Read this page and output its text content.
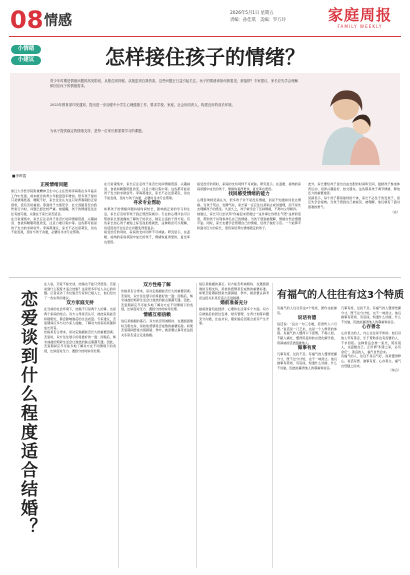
08 情感	2026年5月1日 星期五
责编：孙佳琪　美编：罗万玲	家庭周报
FAMILY WEEKLY
小情绪
小建议	怎样接住孩子的情绪？

青少年时期是情绪问题的高发阶段，从焦虑到抑郁，从叛逆到自我伤害，这些问题正日益引起关注。孩子的情绪该如何被看见、被接纳？专家建议，家长应先学会理解和回应孩子的情绪需求。

2025年教育部印发通知，提出进一步加强中小学生心理健康工作，要求学校、家庭、社会协同育人，构建良好的成长环境。

为孩子提供稳定的情绪支持，是每一位家长都需要学习的课题。

■李晔霞
正视情绪问题

浙江大学医学院附属精神卫生中心主任医师李海燕在多年临床工作中发现，前来就诊的青少年数量逐年增加。很多孩子最初只是情绪低落、睡眠不好，家长往往认为这只是青春期的正常现象，没有及时重视。等到孩子出现厌学、社交退缩甚至自我伤害行为时，问题已经比较严重。她提醒，孩子的情绪变化往往有迹可循，关键在于家长是否留意。

在日常观察中，家长应注意孩子是否长时间情绪低落、兴趣减退、食欲和睡眠明显改变、注意力难以集中等。这些都可能是孩子发出的求助信号。李海燕建议，家长不必过度紧张，但也不能忽视，及时与孩子沟通，必要时寻求专业帮助。

在日常观察中，家长应注意孩子是否长时间情绪低落、兴趣减退、食欲和睡眠明显改变、注意力难以集中等。这些都可能是孩子发出的求助信号。李海燕建议，家长不必过度紧张，但也不能忽视，及时与孩子沟通，必要时寻求专业帮助。

寻求专业帮助

如果孩子的情绪问题持续时间较长，影响到正常的学习和生活，家长应及时带孩子到正规医院就诊。专业的心理评估可以帮助家长更准确地了解孩子的状态，制定合适的干预方案。有些家长担心孩子被贴上标签而拒绝就医，这种顾虑可以理解，但延误治疗往往会让问题变得更复杂。

接受治疗的同时，家庭的支持同样不可或缺。研究显示，在温暖、接纳的家庭氛围中成长的孩子，情绪恢复得更快，复发率也更低。

接受治疗的同时，家庭的支持同样不可或缺。研究显示，在温暖、接纳的家庭氛围中成长的孩子，情绪恢复得更快，复发率也更低。

找回感受情绪的能力

心理咨询师吴颖认为，很多孩子并不是没有情绪，而是不知道如何表达情绪。当孩子哭泣、发脾气时，家长第一反应往往是制止或讲道理，而不是先去理解孩子的感受。久而久之，孩子就学会了压抑情绪，不再向父母倾诉。

她建议，家长可以尝试用“你看起来很难过”“这件事让你很生气吧”这样的话语，帮助孩子识别和命名自己的情绪。当孩子感到被理解，情绪自然会慢慢平复。同时，家长也要学会管理自己的情绪，给孩子做好示范。一个能够平和面对压力的家长，更容易培养出情绪稳定的孩子。

此外，家长要给孩子留出自由支配的时间和空间，鼓励孩子参加体育运动、培养兴趣爱好、结交朋友。这些都是孩子调节情绪、释放压力的重要途径。

吴颖表示，每个孩子都是独特的个体，家长不必急于改变孩子，而应先学会接纳。当孩子感到自己被看见、被理解，他们就有了面对困难的勇气。

（完）

恋爱谈到什么程度适合结婚？

在人说，恋爱不能光谈，结婚也不能只凭感觉。恋爱谈到什么程度才适合结婚？这是很多年轻人关心的问题。记者采访了多位婚恋专家和已婚人士，他们给出了一些实用的建议。

双方家庭支持

在当前的社会环境下，结婚不只是两个人的事，也是两个家庭的结合。双方父母是否认可、彼此家庭能否和睦相处，都会影响婚后的生活质量。专家建议，恋爱期间应多与对方家人接触，了解对方的家庭氛围和成长背景。

性格是否合得来，是决定婚姻能否长久的重要因素。恋爱时，双方往往展示的是最好的一面；而婚后，柴米油盐的琐碎生活会让彼此的缺点暴露无遗。因此，恋爱期间应尽可能多地了解对方在不同情境下的表现，比如面对压力、遇到分歧时如何处理。

双方性格了解

性格是否合得来，是决定婚姻能否长久的重要因素。恋爱时，双方往往展示的是最好的一面；而婚后，柴米油盐的琐碎生活会让彼此的缺点暴露无遗。因此，恋爱期间应尽可能多地了解对方在不同情境下的表现，比如面对压力、遇到分歧时如何处理。

情感互相信赖

信任是婚姻的基石。双方能否坦诚相待、在遇到困难时互相支持，是检验感情是否成熟的重要标准。如果恋爱期间经常出现猜疑、争吵，就需要认真考虑这段关系是否适合走进婚姻。

信任是婚姻的基石。双方能否坦诚相待、在遇到困难时互相支持，是检验感情是否成熟的重要标准。如果恋爱期间经常出现猜疑、争吵，就需要认真考虑这段关系是否适合走进婚姻。

婚前准备充分

婚前准备包括经济、心理和生活等多个方面。双方应就婚后的居住安排、财务管理、生育计划等问题充分沟通，达成共识，避免婚后因观念差异产生矛盾。

有福气的人往往有这3个特质

有福气的人往往有这3个特质，愿你也能拥有。

说话有德

俗话说：“良言一句三冬暖，恶语伤人六月寒。”说话是一门艺术，也是一个人修养的体现。有福气的人懂得口下留情，不揭人短，不戳人痛处，懂得用温和的言语化解矛盾，用真诚的话语温暖他人。

做事有度

凡事有度，过犹不及。有福气的人懂得把握分寸，既不过分计较，也不一味退让。他们做事有原则、有底线，知道什么该做、什么不该做，因此能赢得他人的尊重和信任。

凡事有度，过犹不及。有福气的人懂得把握分寸，既不过分计较，也不一味退让。他们做事有原则、有底线，知道什么该做、什么不该做，因此能赢得他人的尊重和信任。

心存善念

心存善念的人，内心往往是平和的。他们对他人怀有善意，乐于帮助身边有需要的人，不求回报。这种善良会像一束光，照亮别人，也温暖自己。正所谓“积善之家，必有余庆”，善良的人，福气自然会来。

有福气的人，往往不是运气好，而是懂得修心。说话有德、做事有度、心存善念，福气自然随之而来。

（综合）
